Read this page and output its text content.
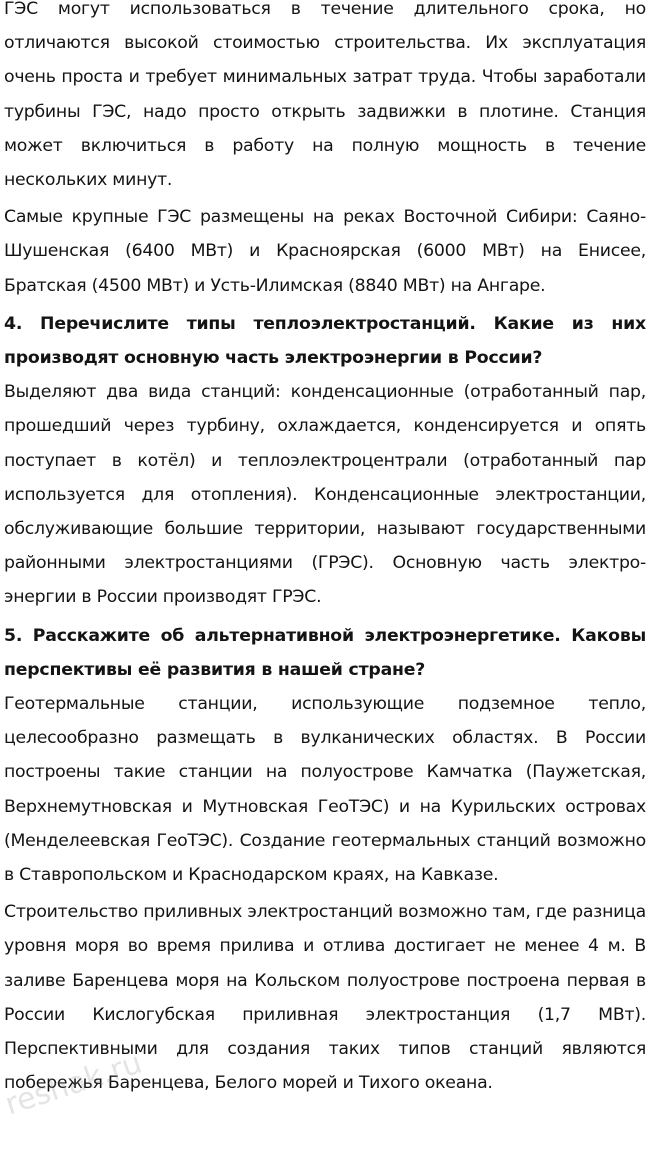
ГЭС могут использоваться в течение длительного срока, но отличаются высокой стоимостью строительства. Их эксплуатация очень проста и требует минимальных затрат труда. Чтобы заработали турбины ГЭС, надо просто открыть задвижки в плотине. Станция может включиться в работу на полную мощность в течение нескольких минут.

Самые крупные ГЭС размещены на реках Восточной Сибири: Саяно-Шушенская (6400 МВт) и Красноярская (6000 МВт) на Енисее, Братская (4500 МВт) и Усть-Илимская (8840 МВт) на Ангаре.

4. Перечислите типы теплоэлектростанций. Какие из них производят основную часть электроэнергии в России?

Выделяют два вида станций: конденсационные (отработанный пар, прошедший через турбину, охлаждается, конденсируется и опять поступает в котёл) и теплоэлектроцентрали (отработанный пар используется для отопления). Конденсационные электростанции, обслуживающие большие территории, называют государственными районными электростанциями (ГРЭС). Основную часть электро-энергии в России производят ГРЭС.

5. Расскажите об альтернативной электроэнергетике. Каковы перспективы её развития в нашей стране?

Геотермальные станции, использующие подземное тепло, целесообразно размещать в вулканических областях. В России построены такие станции на полуострове Камчатка (Паужетская, Верхнемутновская и Мутновская ГеоТЭС) и на Курильских островах (Менделеевская ГеоТЭС). Создание геотермальных станций возможно в Ставропольском и Краснодарском краях, на Кавказе.

Строительство приливных электростанций возможно там, где разница уровня моря во время прилива и отлива достигает не менее 4 м. В заливе Баренцева моря на Кольском полуострове построена первая в России Кислогубская приливная электростанция (1,7 МВт). Перспективными для создания таких типов станций являются побережья Баренцева, Белого морей и Тихого океана.

reshak.ru
